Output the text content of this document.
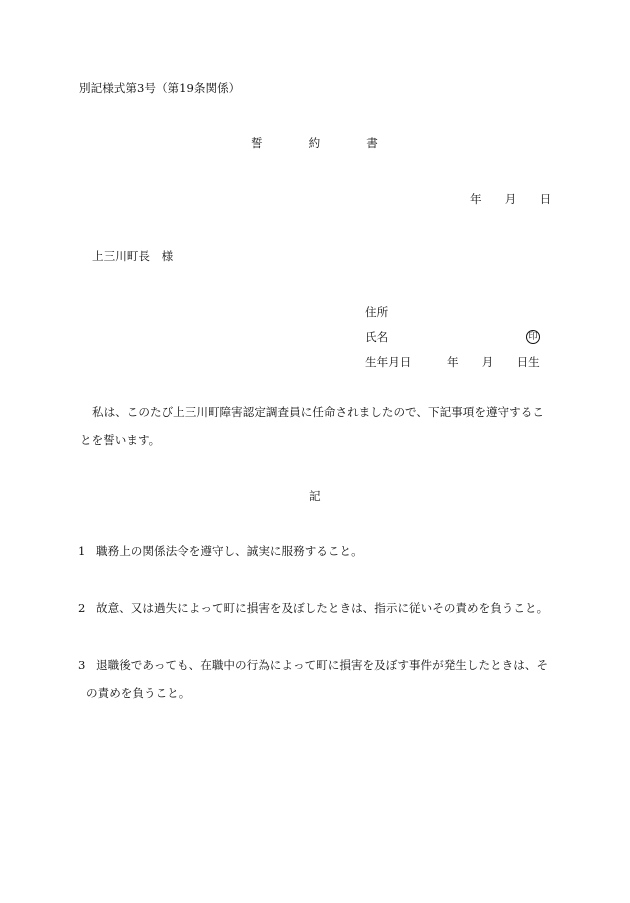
別記様式第3号（第19条関係）
誓約書
年　　月　　日
上三川町長　様
住所
氏名	印
生年月日	年　　月　　日生
私は、このたび上三川町障害認定調査員に任命されましたので、下記事項を遵守するこ
とを誓います。
記
1 職務上の関係法令を遵守し、誠実に服務すること。
2 故意、又は過失によって町に損害を及ぼしたときは、指示に従いその責めを負うこと。
3 退職後であっても、在職中の行為によって町に損害を及ぼす事件が発生したときは、そ
の責めを負うこと。
